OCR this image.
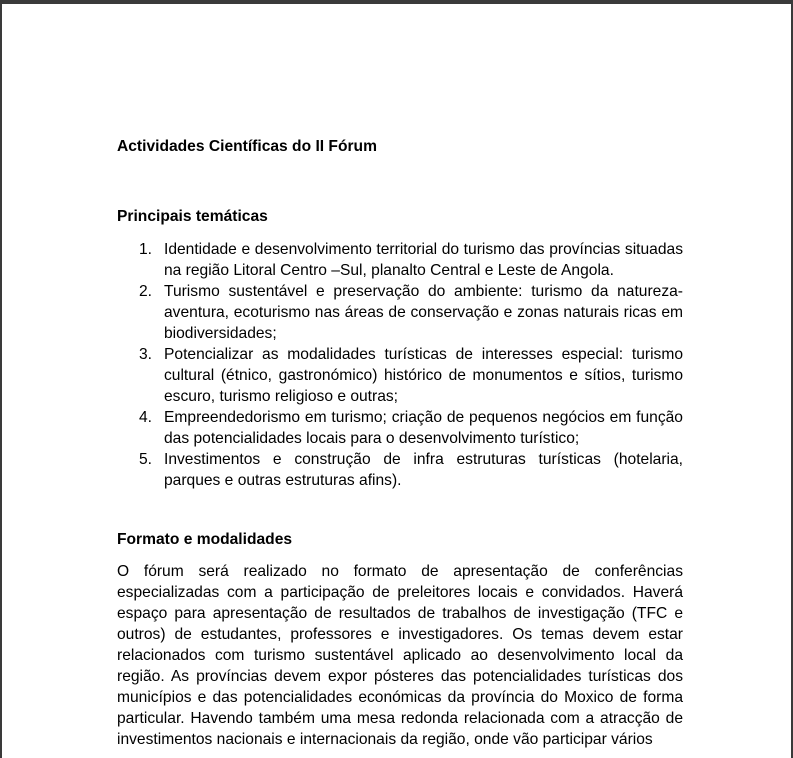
Actividades Científicas do II Fórum
Principais temáticas
1. Identidade e desenvolvimento territorial do turismo das províncias situadas na região Litoral Centro –Sul, planalto Central e Leste de Angola.
2. Turismo sustentável e preservação do ambiente: turismo da natureza-aventura, ecoturismo nas áreas de conservação e zonas naturais ricas em biodiversidades;
3. Potencializar as modalidades turísticas de interesses especial: turismo cultural (étnico, gastronómico) histórico de monumentos e sítios, turismo escuro, turismo religioso e outras;
4. Empreendedorismo em turismo; criação de pequenos negócios em função das potencialidades locais para o desenvolvimento turístico;
5. Investimentos e construção de infra estruturas turísticas (hotelaria, parques e outras estruturas afins).
Formato e modalidades

O fórum será realizado no formato de apresentação de conferências especializadas com a participação de preleitores locais e convidados. Haverá espaço para apresentação de resultados de trabalhos de investigação (TFC e outros) de estudantes, professores e investigadores. Os temas devem estar relacionados com turismo sustentável aplicado ao desenvolvimento local da região. As províncias devem expor pósteres das potencialidades turísticas dos municípios e das potencialidades económicas da província do Moxico de forma particular. Havendo também uma mesa redonda relacionada com a atracção de investimentos nacionais e internacionais da região, onde vão participar vários
